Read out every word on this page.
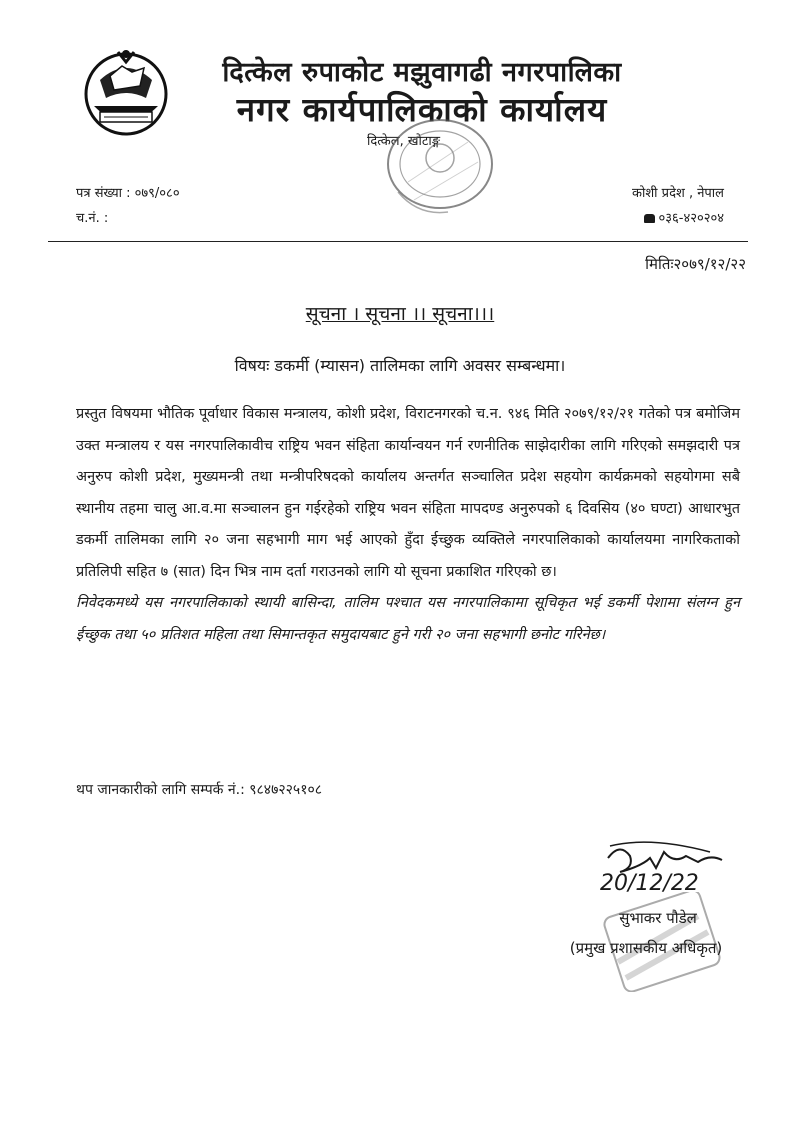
दित्केल रुपाकोट मझुवागढी नगरपालिका
नगर कार्यपालिकाको कार्यालय
दित्केल, खोटाङ्ग
पत्र संख्या : ०७९/०८०
च.नं. :
कोशी प्रदेश , नेपाल
०३६-४२०२०४
मितिः२०७९/१२/२२
सूचना । सूचना ।। सूचना।।।
विषयः डकर्मी (म्यासन) तालिमका लागि अवसर सम्बन्धमा।

प्रस्तुत विषयमा भौतिक पूर्वाधार विकास मन्त्रालय, कोशी प्रदेश, विराटनगरको च.न. ९४६ मिति २०७९/१२/२१ गतेको पत्र बमोजिम उक्त मन्त्रालय र यस नगरपालिकावीच राष्ट्रिय भवन संहिता कार्यान्वयन गर्न रणनीतिक साझेदारीका लागि गरिएको समझदारी पत्र अनुरुप कोशी प्रदेश, मुख्यमन्त्री तथा मन्त्रीपरिषदको कार्यालय अन्तर्गत सञ्चालित प्रदेश सहयोग कार्यक्रमको सहयोगमा सबै स्थानीय तहमा चालु आ.व.मा सञ्चालन हुन गईरहेको राष्ट्रिय भवन संहिता मापदण्ड अनुरुपको ६ दिवसिय (४० घण्टा) आधारभुत डकर्मी तालिमका लागि २० जना सहभागी माग भई आएको हुँदा ईच्छुक व्यक्तिले नगरपालिकाको कार्यालयमा नागरिकताको प्रतिलिपी सहित ७ (सात) दिन भित्र नाम दर्ता गराउनको लागि यो सूचना प्रकाशित गरिएको छ।

निवेदकमध्ये यस नगरपालिकाको स्थायी बासिन्दा, तालिम पश्चात यस नगरपालिकामा सूचिकृत भई डकर्मी पेशामा संलग्न हुन ईच्छुक तथा ५० प्रतिशत महिला तथा सिमान्तकृत समुदायबाट हुने गरी २० जना सहभागी छनोट गरिनेछ।

थप जानकारीको लागि सम्पर्क नं.: ९८४७२२५१०८
20/12/22
सुभाकर पौडेल
(प्रमुख प्रशासकीय अधिकृत)
